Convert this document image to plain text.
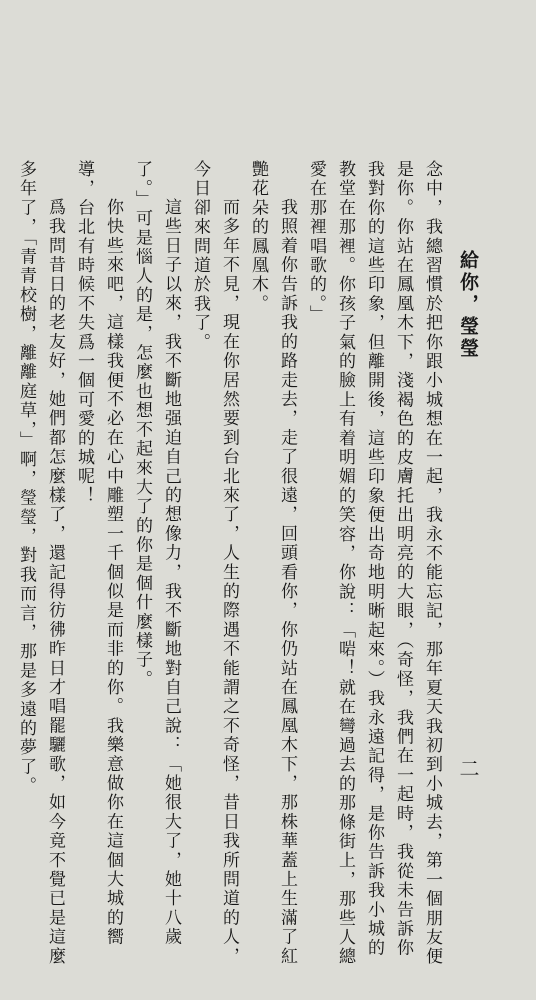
給你，瑩瑩
二
念中，我總習慣於把你跟小城想在一起，我永不能忘記，那年夏天我初到小城去，第一個朋友便
是你。你站在鳳凰木下，淺褐色的皮膚托出明亮的大眼，（奇怪，我們在一起時，我從未告訴你
我對你的這些印象，但離開後，這些印象便出奇地明晰起來。）我永遠記得，是你告訴我小城的
教堂在那裡。你孩子氣的臉上有着明媚的笑容，你說：「啱！就在彎過去的那條街上，那些人總
愛在那裡唱歌的。」
我照着你告訴我的路走去，走了很遠，回頭看你，你仍站在鳳凰木下，那株華蓋上生滿了紅
艷花朵的鳳凰木。
而多年不見，現在你居然要到台北來了，人生的際遇不能謂之不奇怪，昔日我所問道的人，
今日卻來問道於我了。
這些日子以來，我不斷地强迫自己的想像力，我不斷地對自己說：「她很大了，她十八歲
了。」可是惱人的是，怎麼也想不起來大了的你是個什麼樣子。
你快些來吧，這樣我便不必在心中雕塑一千個似是而非的你。我樂意做你在這個大城的嚮
導，台北有時候不失爲一個可愛的城呢！
爲我問昔日的老友好，她們都怎麼樣了，還記得彷彿昨日才唱罷驪歌，如今竟不覺已是這麼
多年了，「青青校樹，離離庭草，」啊，瑩瑩，對我而言，那是多遠的夢了。
